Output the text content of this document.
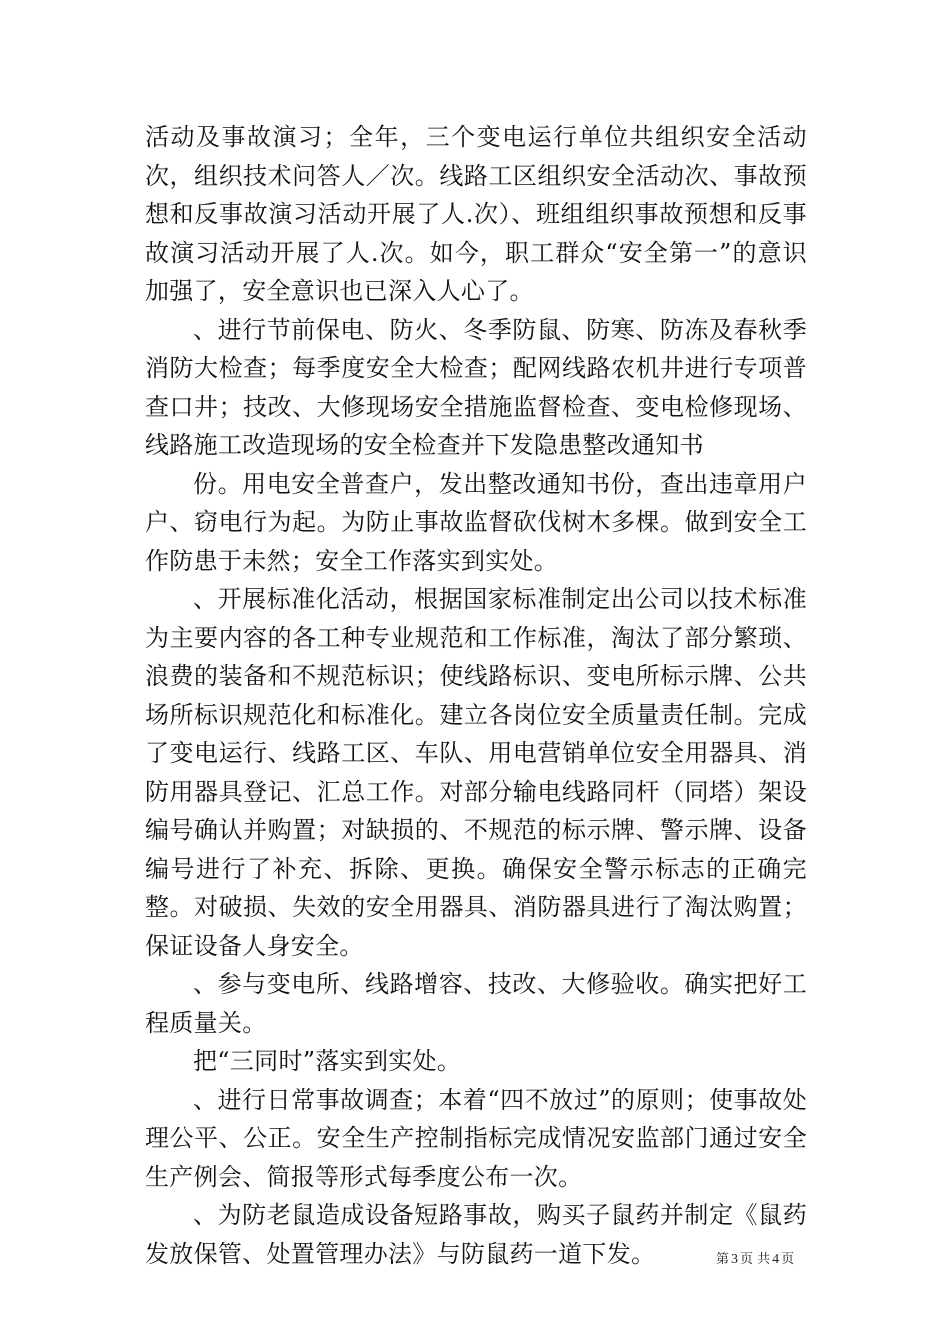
活动及事故演习；全年，三个变电运行单位共组织安全活动次，组织技术问答人／次。线路工区组织安全活动次、事故预想和反事故演习活动开展了人.次）、班组组织事故预想和反事故演习活动开展了人.次。如今，职工群众“安全第一”的意识加强了，安全意识也已深入人心了。

、进行节前保电、防火、冬季防鼠、防寒、防冻及春秋季消防大检查；每季度安全大检查；配网线路农机井进行专项普查口井；技改、大修现场安全措施监督检查、变电检修现场、线路施工改造现场的安全检查并下发隐患整改通知书

份。用电安全普查户，发出整改通知书份，查出违章用户户、窃电行为起。为防止事故监督砍伐树木多棵。做到安全工作防患于未然；安全工作落实到实处。

、开展标准化活动，根据国家标准制定出公司以技术标准为主要内容的各工种专业规范和工作标准，淘汰了部分繁琐、浪费的装备和不规范标识；使线路标识、变电所标示牌、公共场所标识规范化和标准化。建立各岗位安全质量责任制。完成了变电运行、线路工区、车队、用电营销单位安全用器具、消防用器具登记、汇总工作。对部分输电线路同杆（同塔）架设编号确认并购置；对缺损的、不规范的标示牌、警示牌、设备编号进行了补充、拆除、更换。确保安全警示标志的正确完整。对破损、失效的安全用器具、消防器具进行了淘汰购置；保证设备人身安全。

、参与变电所、线路增容、技改、大修验收。确实把好工程质量关。

把“三同时”落实到实处。

、进行日常事故调查；本着“四不放过”的原则；使事故处理公平、公正。安全生产控制指标完成情况安监部门通过安全生产例会、简报等形式每季度公布一次。

、为防老鼠造成设备短路事故，购买子鼠药并制定《鼠药发放保管、处置管理办法》与防鼠药一道下发。	第 3 页 共 4 页
